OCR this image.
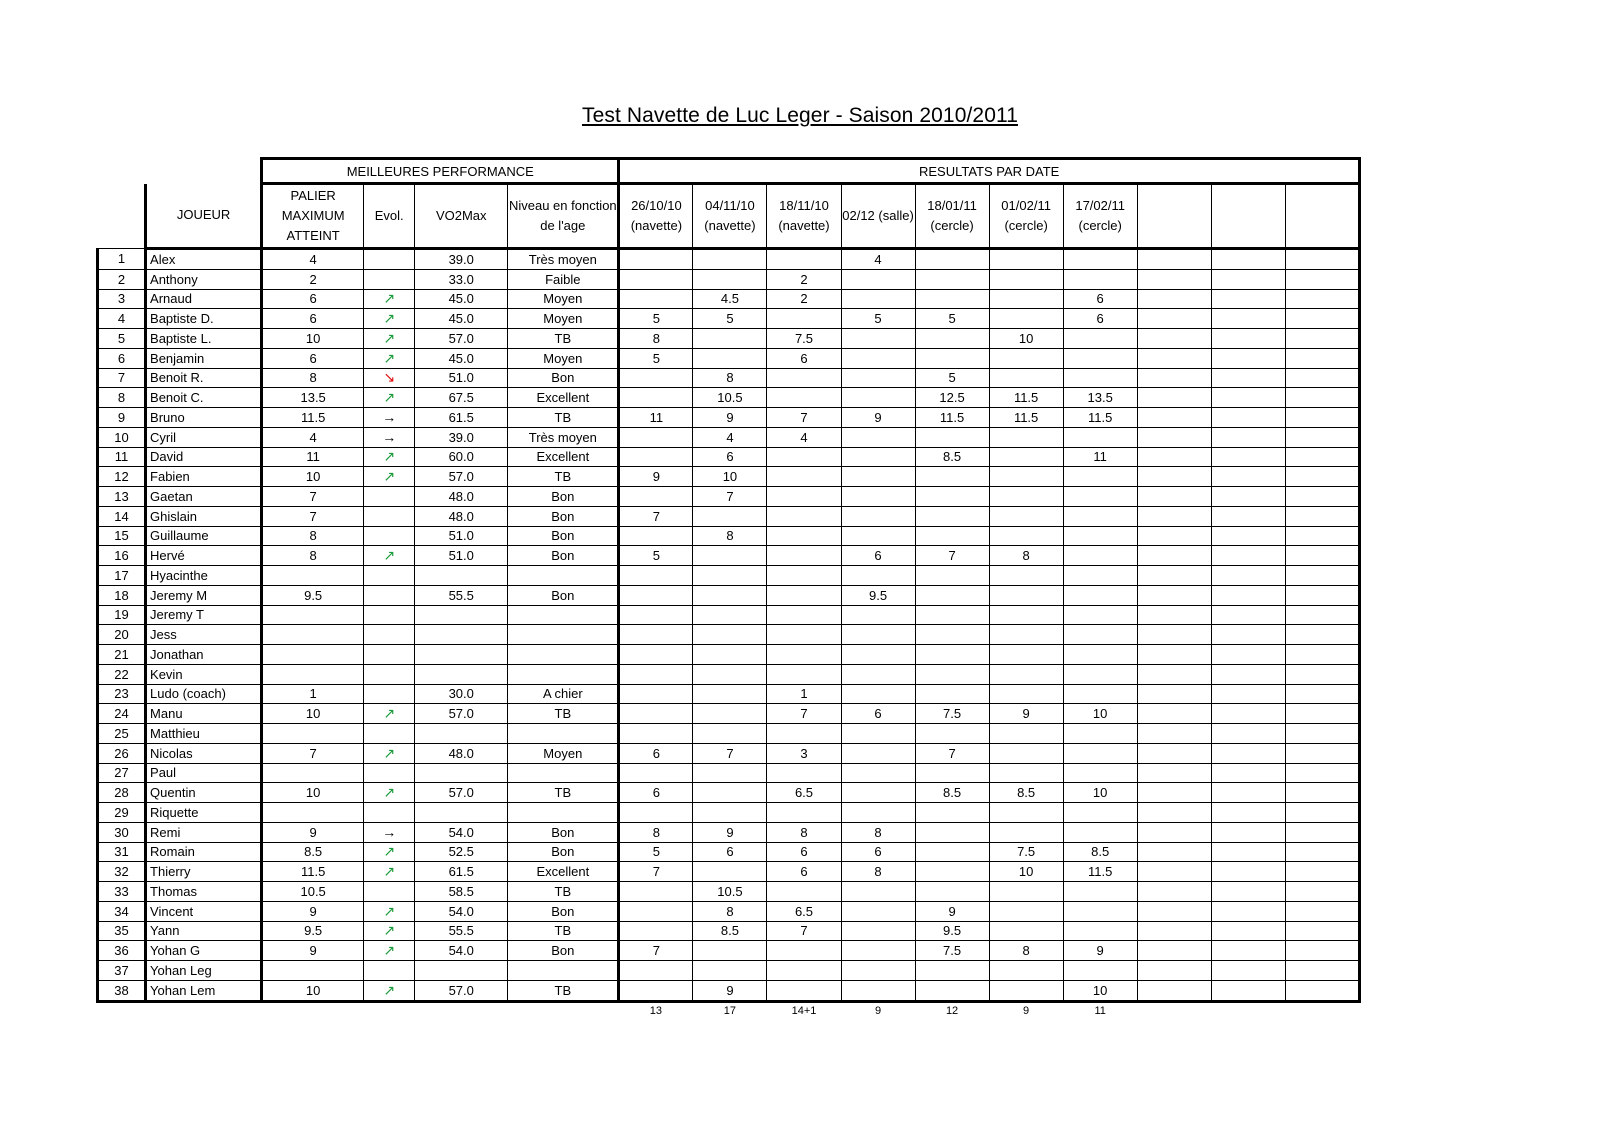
Test Navette de Luc Leger - Saison 2010/2011
		MEILLEURES PERFORMANCE				RESULTATS PAR DATE									
	JOUEUR	PALIER MAXIMUM ATTEINT	Evol.	VO2Max	Niveau en fonction de l'age	26/10/10 (navette)	04/11/10 (navette)	18/11/10 (navette)	02/12 (salle)	18/01/11 (cercle)	01/02/11 (cercle)	17/02/11 (cercle)			
1	Alex	4		39.0	Très moyen				4						
2	Anthony	2		33.0	Faible			2							
3	Arnaud	6	↗	45.0	Moyen		4.5	2				6			
4	Baptiste D.	6	↗	45.0	Moyen	5	5		5	5		6			
5	Baptiste L.	10	↗	57.0	TB	8		7.5			10				
6	Benjamin	6	↗	45.0	Moyen	5		6							
7	Benoit R.	8	↘	51.0	Bon		8			5					
8	Benoit C.	13.5	↗	67.5	Excellent		10.5			12.5	11.5	13.5			
9	Bruno	11.5	→	61.5	TB	11	9	7	9	11.5	11.5	11.5			
10	Cyril	4	→	39.0	Très moyen		4	4							
11	David	11	↗	60.0	Excellent		6			8.5		11			
12	Fabien	10	↗	57.0	TB	9	10								
13	Gaetan	7		48.0	Bon		7								
14	Ghislain	7		48.0	Bon	7									
15	Guillaume	8		51.0	Bon		8								
16	Hervé	8	↗	51.0	Bon	5			6	7	8				
17	Hyacinthe														
18	Jeremy M	9.5		55.5	Bon				9.5						
19	Jeremy T														
20	Jess														
21	Jonathan														
22	Kevin														
23	Ludo (coach)	1		30.0	A chier			1							
24	Manu	10	↗	57.0	TB			7	6	7.5	9	10			
25	Matthieu														
26	Nicolas	7	↗	48.0	Moyen	6	7	3		7					
27	Paul														
28	Quentin	10	↗	57.0	TB	6		6.5		8.5	8.5	10			
29	Riquette														
30	Remi	9	→	54.0	Bon	8	9	8	8						
31	Romain	8.5	↗	52.5	Bon	5	6	6	6		7.5	8.5			
32	Thierry	11.5	↗	61.5	Excellent	7		6	8		10	11.5			
33	Thomas	10.5		58.5	TB		10.5								
34	Vincent	9	↗	54.0	Bon		8	6.5		9					
35	Yann	9.5	↗	55.5	TB		8.5	7		9.5					
36	Yohan G	9	↗	54.0	Bon	7				7.5	8	9			
37	Yohan Leg														
38	Yohan Lem	10	↗	57.0	TB		9					10			
						13	17	14+1	9	12	9	11			
